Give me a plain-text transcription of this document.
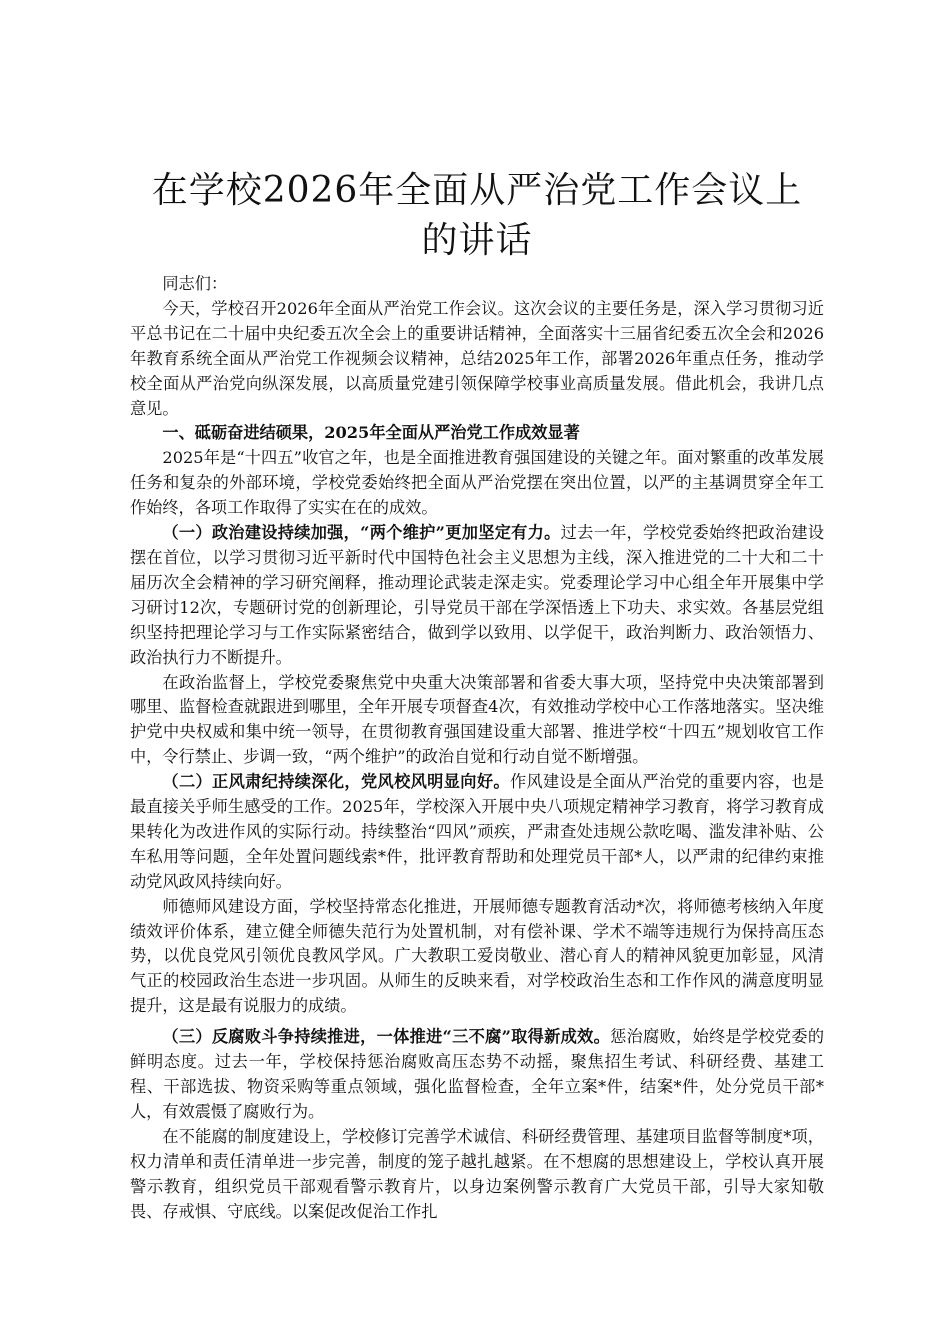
在学校2026年全面从严治党工作会议上的讲话

同志们：

今天，学校召开2026年全面从严治党工作会议。这次会议的主要任务是，深入学习贯彻习近平总书记在二十届中央纪委五次全会上的重要讲话精神，全面落实十三届省纪委五次全会和2026年教育系统全面从严治党工作视频会议精神，总结2025年工作，部署2026年重点任务，推动学校全面从严治党向纵深发展，以高质量党建引领保障学校事业高质量发展。借此机会，我讲几点意见。

一、砥砺奋进结硕果，2025年全面从严治党工作成效显著

2025年是“十四五”收官之年，也是全面推进教育强国建设的关键之年。面对繁重的改革发展任务和复杂的外部环境，学校党委始终把全面从严治党摆在突出位置，以严的主基调贯穿全年工作始终，各项工作取得了实实在在的成效。

（一）政治建设持续加强，“两个维护”更加坚定有力。过去一年，学校党委始终把政治建设摆在首位，以学习贯彻习近平新时代中国特色社会主义思想为主线，深入推进党的二十大和二十届历次全会精神的学习研究阐释，推动理论武装走深走实。党委理论学习中心组全年开展集中学习研讨12次，专题研讨党的创新理论，引导党员干部在学深悟透上下功夫、求实效。各基层党组织坚持把理论学习与工作实际紧密结合，做到学以致用、以学促干，政治判断力、政治领悟力、政治执行力不断提升。

在政治监督上，学校党委聚焦党中央重大决策部署和省委大事大项，坚持党中央决策部署到哪里、监督检查就跟进到哪里，全年开展专项督查4次，有效推动学校中心工作落地落实。坚决维护党中央权威和集中统一领导，在贯彻教育强国建设重大部署、推进学校“十四五”规划收官工作中，令行禁止、步调一致，“两个维护”的政治自觉和行动自觉不断增强。

（二）正风肃纪持续深化，党风校风明显向好。作风建设是全面从严治党的重要内容，也是最直接关乎师生感受的工作。2025年，学校深入开展中央八项规定精神学习教育，将学习教育成果转化为改进作风的实际行动。持续整治“四风”顽疾，严肃查处违规公款吃喝、滥发津补贴、公车私用等问题，全年处置问题线索*件，批评教育帮助和处理党员干部*人，以严肃的纪律约束推动党风政风持续向好。

师德师风建设方面，学校坚持常态化推进，开展师德专题教育活动*次，将师德考核纳入年度绩效评价体系，建立健全师德失范行为处置机制，对有偿补课、学术不端等违规行为保持高压态势，以优良党风引领优良教风学风。广大教职工爱岗敬业、潜心育人的精神风貌更加彰显，风清气正的校园政治生态进一步巩固。从师生的反映来看，对学校政治生态和工作作风的满意度明显提升，这是最有说服力的成绩。

（三）反腐败斗争持续推进，一体推进“三不腐”取得新成效。惩治腐败，始终是学校党委的鲜明态度。过去一年，学校保持惩治腐败高压态势不动摇，聚焦招生考试、科研经费、基建工程、干部选拔、物资采购等重点领域，强化监督检查，全年立案*件，结案*件，处分党员干部*人，有效震慑了腐败行为。

在不能腐的制度建设上，学校修订完善学术诚信、科研经费管理、基建项目监督等制度*项，权力清单和责任清单进一步完善，制度的笼子越扎越紧。在不想腐的思想建设上，学校认真开展警示教育，组织党员干部观看警示教育片，以身边案例警示教育广大党员干部，引导大家知敬畏、存戒惧、守底线。以案促改促治工作扎
